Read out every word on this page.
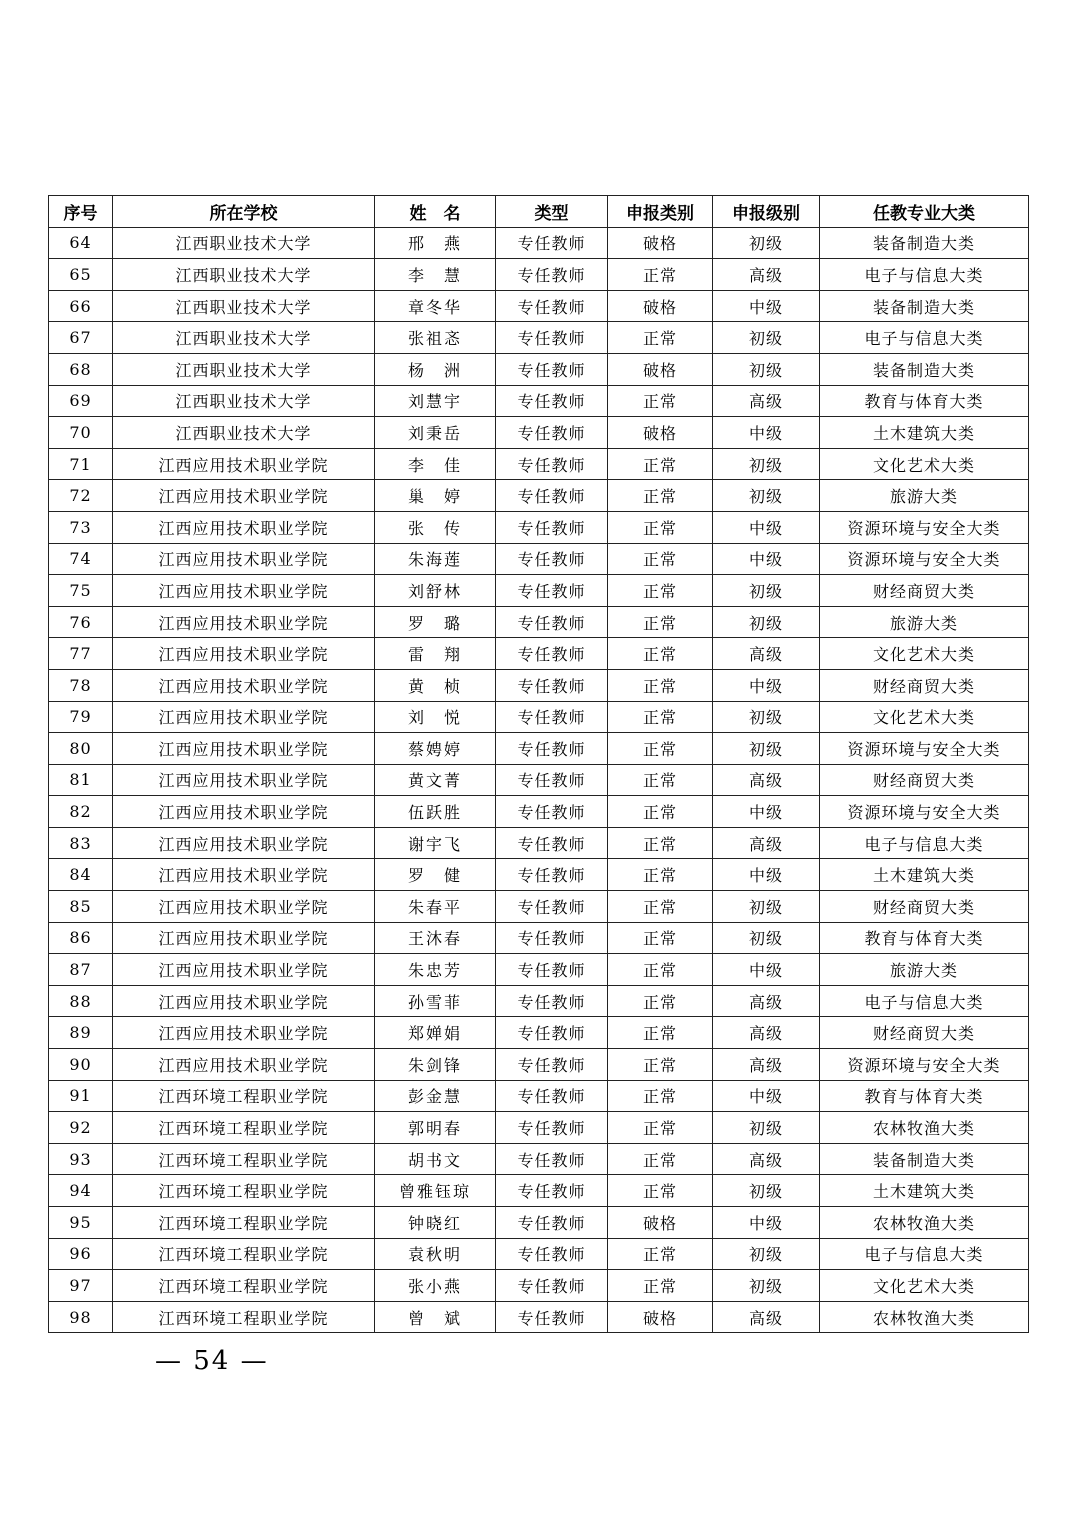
序号	所在学校	姓　名	类型	申报类别	申报级别	任教专业大类
64	江西职业技术大学	邢　燕	专任教师	破格	初级	装备制造大类
65	江西职业技术大学	李　慧	专任教师	正常	高级	电子与信息大类
66	江西职业技术大学	章冬华	专任教师	破格	中级	装备制造大类
67	江西职业技术大学	张祖忞	专任教师	正常	初级	电子与信息大类
68	江西职业技术大学	杨　洲	专任教师	破格	初级	装备制造大类
69	江西职业技术大学	刘慧宇	专任教师	正常	高级	教育与体育大类
70	江西职业技术大学	刘秉岳	专任教师	破格	中级	土木建筑大类
71	江西应用技术职业学院	李　佳	专任教师	正常	初级	文化艺术大类
72	江西应用技术职业学院	巢　婷	专任教师	正常	初级	旅游大类
73	江西应用技术职业学院	张　传	专任教师	正常	中级	资源环境与安全大类
74	江西应用技术职业学院	朱海莲	专任教师	正常	中级	资源环境与安全大类
75	江西应用技术职业学院	刘舒林	专任教师	正常	初级	财经商贸大类
76	江西应用技术职业学院	罗　璐	专任教师	正常	初级	旅游大类
77	江西应用技术职业学院	雷　翔	专任教师	正常	高级	文化艺术大类
78	江西应用技术职业学院	黄　桢	专任教师	正常	中级	财经商贸大类
79	江西应用技术职业学院	刘　悦	专任教师	正常	初级	文化艺术大类
80	江西应用技术职业学院	蔡娉婷	专任教师	正常	初级	资源环境与安全大类
81	江西应用技术职业学院	黄文菁	专任教师	正常	高级	财经商贸大类
82	江西应用技术职业学院	伍跃胜	专任教师	正常	中级	资源环境与安全大类
83	江西应用技术职业学院	谢宇飞	专任教师	正常	高级	电子与信息大类
84	江西应用技术职业学院	罗　健	专任教师	正常	中级	土木建筑大类
85	江西应用技术职业学院	朱春平	专任教师	正常	初级	财经商贸大类
86	江西应用技术职业学院	王沐春	专任教师	正常	初级	教育与体育大类
87	江西应用技术职业学院	朱忠芳	专任教师	正常	中级	旅游大类
88	江西应用技术职业学院	孙雪菲	专任教师	正常	高级	电子与信息大类
89	江西应用技术职业学院	郑婵娟	专任教师	正常	高级	财经商贸大类
90	江西应用技术职业学院	朱剑锋	专任教师	正常	高级	资源环境与安全大类
91	江西环境工程职业学院	彭金慧	专任教师	正常	中级	教育与体育大类
92	江西环境工程职业学院	郭明春	专任教师	正常	初级	农林牧渔大类
93	江西环境工程职业学院	胡书文	专任教师	正常	高级	装备制造大类
94	江西环境工程职业学院	曾雅钰琼	专任教师	正常	初级	土木建筑大类
95	江西环境工程职业学院	钟晓红	专任教师	破格	中级	农林牧渔大类
96	江西环境工程职业学院	袁秋明	专任教师	正常	初级	电子与信息大类
97	江西环境工程职业学院	张小燕	专任教师	正常	初级	文化艺术大类
98	江西环境工程职业学院	曾　斌	专任教师	破格	高级	农林牧渔大类
— 54 —
